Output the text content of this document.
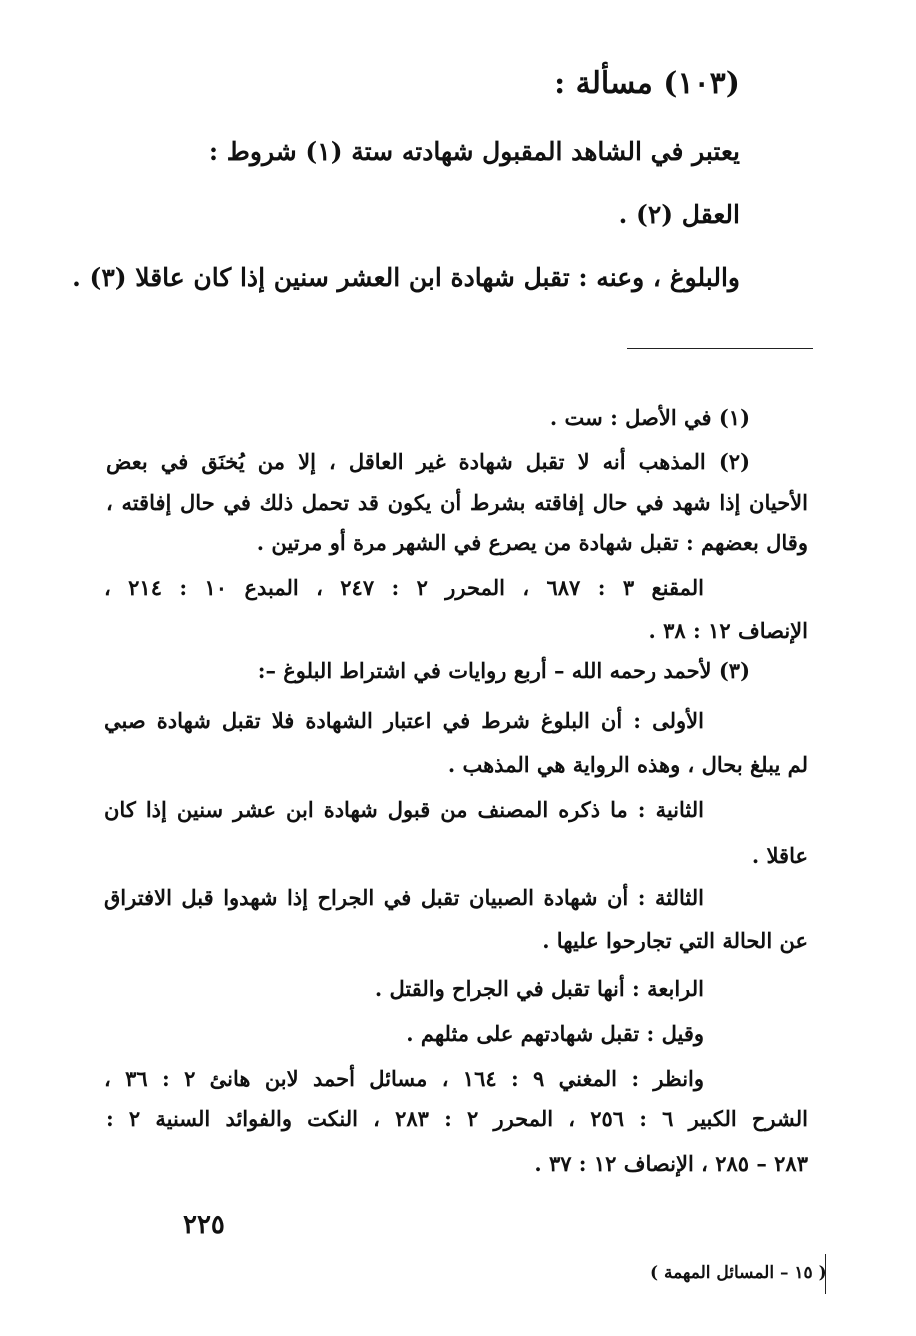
(١٠٣) مسألة :
يعتبر في الشاهد المقبول شهادته ستة (١) شروط :
العقل (٢) .
والبلوغ ، وعنه : تقبل شهادة ابن العشر سنين إذا كان عاقلا (٣) .
(١) في الأصل : ست .
(٢) المذهب أنه لا تقبل شهادة غير العاقل ، إلا من يُخنَق في بعض
الأحيان إذا شهد في حال إفاقته بشرط أن يكون قد تحمل ذلك في حال إفاقته ،
وقال بعضهم : تقبل شهادة من يصرع في الشهر مرة أو مرتين .
المقنع ٣ : ٦٨٧ ، المحرر ٢ : ٢٤٧ ، المبدع ١٠ : ٢١٤ ،
الإنصاف ١٢ : ٣٨ .
(٣) لأحمد رحمه الله – أربع روايات في اشتراط البلوغ –:
الأولى : أن البلوغ شرط في اعتبار الشهادة فلا تقبل شهادة صبي
لم يبلغ بحال ، وهذه الرواية هي المذهب .
الثانية : ما ذكره المصنف من قبول شهادة ابن عشر سنين إذا كان
عاقلا .
الثالثة : أن شهادة الصبيان تقبل في الجراح إذا شهدوا قبل الافتراق
عن الحالة التي تجارحوا عليها .
الرابعة : أنها تقبل في الجراح والقتل .
وقيل : تقبل شهادتهم على مثلهم .
وانظر : المغني ٩ : ١٦٤ ، مسائل أحمد لابن هانئ ٢ : ٣٦ ،
الشرح الكبير ٦ : ٢٥٦ ، المحرر ٢ : ٢٨٣ ، النكت والفوائد السنية ٢ :
٢٨٣ – ٢٨٥ ، الإنصاف ١٢ : ٣٧ .
٢٢٥
( ١٥ – المسائل المهمة )
